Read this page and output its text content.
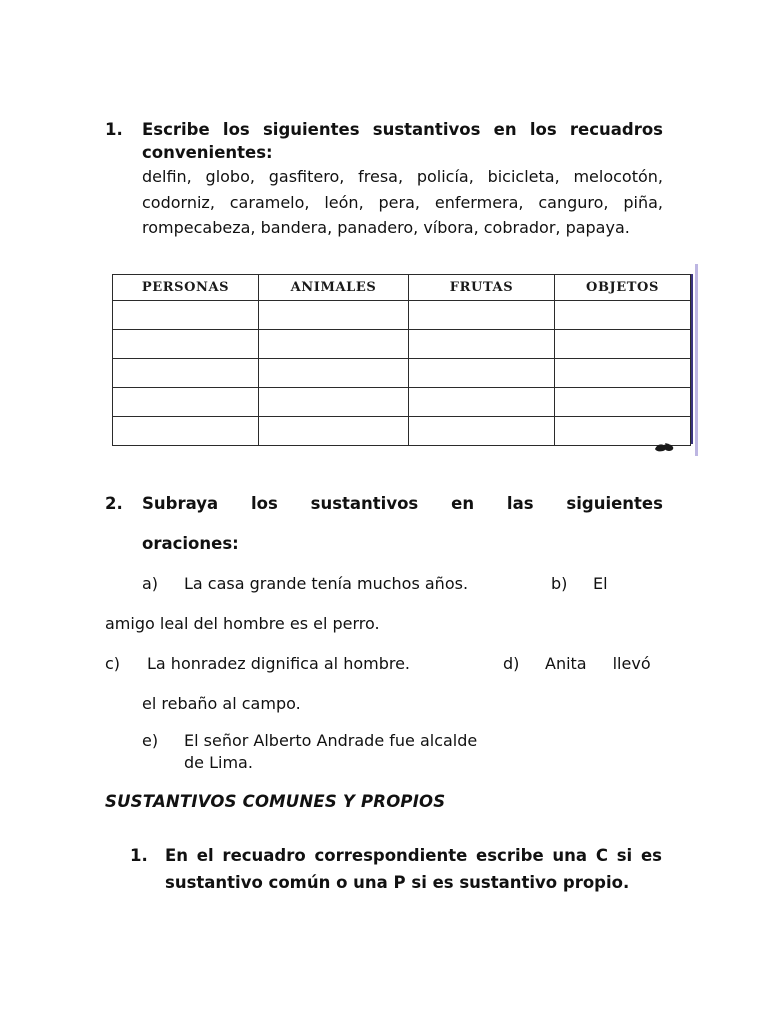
1.	Escribe los siguientes sustantivos en los recuadros convenientes:
delfin, globo, gasfitero, fresa, policía, bicicleta, melocotón, codorniz, caramelo, león, pera, enfermera, canguro, piña, rompecabeza, bandera, panadero, víbora, cobrador, papaya.
PERSONAS	ANIMALES	FRUTAS	OBJETOS

2.	Subraya los sustantivos en las siguientes
oraciones:
a) La casa grande tenía muchos años.	b) El
amigo leal del hombre es el perro.
c) La honradez dignifica al hombre.	d) Anita llevó
el rebaño al campo.
e) El señor Alberto Andrade fue alcalde
de Lima.
SUSTANTIVOS COMUNES Y PROPIOS
1.	En el recuadro correspondiente escribe una C si es sustantivo común o una P si es sustantivo propio.
